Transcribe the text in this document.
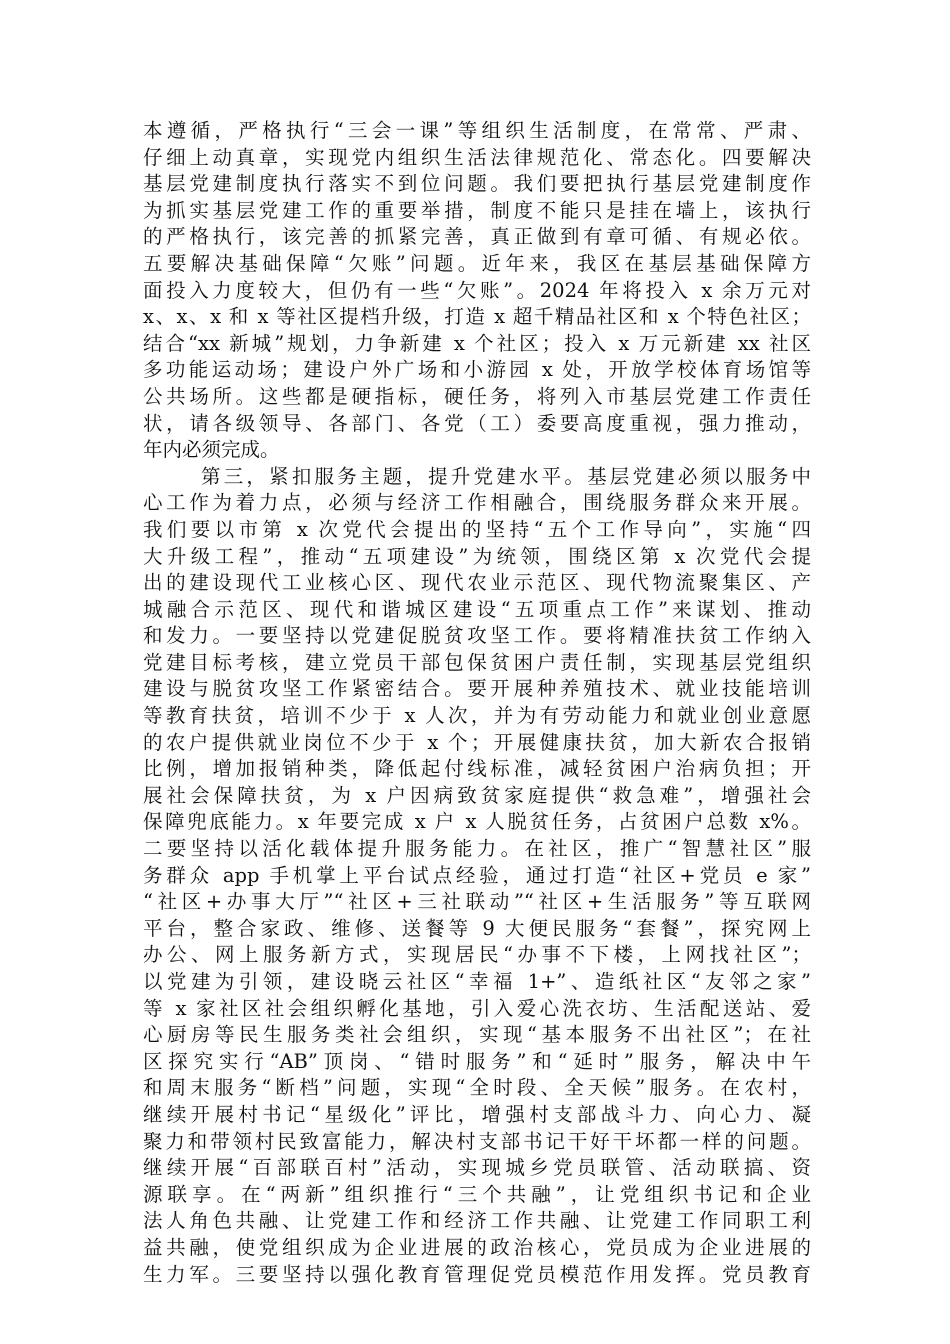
本遵循，严格执行“三会一课”等组织生活制度，在常常、严肃、
仔细上动真章，实现党内组织生活法律规范化、常态化。四要解决
基层党建制度执行落实不到位问题。我们要把执行基层党建制度作
为抓实基层党建工作的重要举措，制度不能只是挂在墙上，该执行
的严格执行，该完善的抓紧完善，真正做到有章可循、有规必依。
五要解决基础保障“欠账”问题。近年来，我区在基层基础保障方
面投入力度较大，但仍有一些“欠账”。2024 年将投入 x 余万元对
x、x、x 和 x 等社区提档升级，打造 x 超千精品社区和 x 个特色社区；
结合“xx 新城”规划，力争新建 x 个社区；投入 x 万元新建 xx 社区
多功能运动场；建设户外广场和小游园 x 处，开放学校体育场馆等
公共场所。这些都是硬指标，硬任务，将列入市基层党建工作责任
状，请各级领导、各部门、各党（工）委要高度重视，强力推动，
年内必须完成。
第三，紧扣服务主题，提升党建水平。基层党建必须以服务中
心工作为着力点，必须与经济工作相融合，围绕服务群众来开展。
我们要以市第 x 次党代会提出的坚持“五个工作导向”，实施“四
大升级工程”，推动“五项建设”为统领，围绕区第 x 次党代会提
出的建设现代工业核心区、现代农业示范区、现代物流聚集区、产
城融合示范区、现代和谐城区建设“五项重点工作”来谋划、推动
和发力。一要坚持以党建促脱贫攻坚工作。要将精准扶贫工作纳入
党建目标考核，建立党员干部包保贫困户责任制，实现基层党组织
建设与脱贫攻坚工作紧密结合。要开展种养殖技术、就业技能培训
等教育扶贫，培训不少于 x 人次，并为有劳动能力和就业创业意愿
的农户提供就业岗位不少于 x 个；开展健康扶贫，加大新农合报销
比例，增加报销种类，降低起付线标准，减轻贫困户治病负担；开
展社会保障扶贫，为 x 户因病致贫家庭提供“救急难”，增强社会
保障兜底能力。x 年要完成 x 户 x 人脱贫任务，占贫困户总数 x%。
二要坚持以活化载体提升服务能力。在社区，推广“智慧社区”服
务群众 app 手机掌上平台试点经验，通过打造“社区+党员 e 家”
“社区+办事大厅”“社区+三社联动”“社区+生活服务”等互联网
平台，整合家政、维修、送餐等 9 大便民服务“套餐”，探究网上
办公、网上服务新方式，实现居民“办事不下楼，上网找社区”；
以党建为引领，建设晓云社区“幸福 1+”、造纸社区“友邻之家”
等 x 家社区社会组织孵化基地，引入爱心洗衣坊、生活配送站、爱
心厨房等民生服务类社会组织，实现“基本服务不出社区”；在社
区探究实行“AB”顶岗、“错时服务”和“延时”服务，解决中午
和周末服务“断档”问题，实现“全时段、全天候”服务。在农村，
继续开展村书记“星级化”评比，增强村支部战斗力、向心力、凝
聚力和带领村民致富能力，解决村支部书记干好干坏都一样的问题。
继续开展“百部联百村”活动，实现城乡党员联管、活动联搞、资
源联享。在“两新”组织推行“三个共融”，让党组织书记和企业
法人角色共融、让党建工作和经济工作共融、让党建工作同职工利
益共融，使党组织成为企业进展的政治核心，党员成为企业进展的
生力军。三要坚持以强化教育管理促党员模范作用发挥。党员教育
